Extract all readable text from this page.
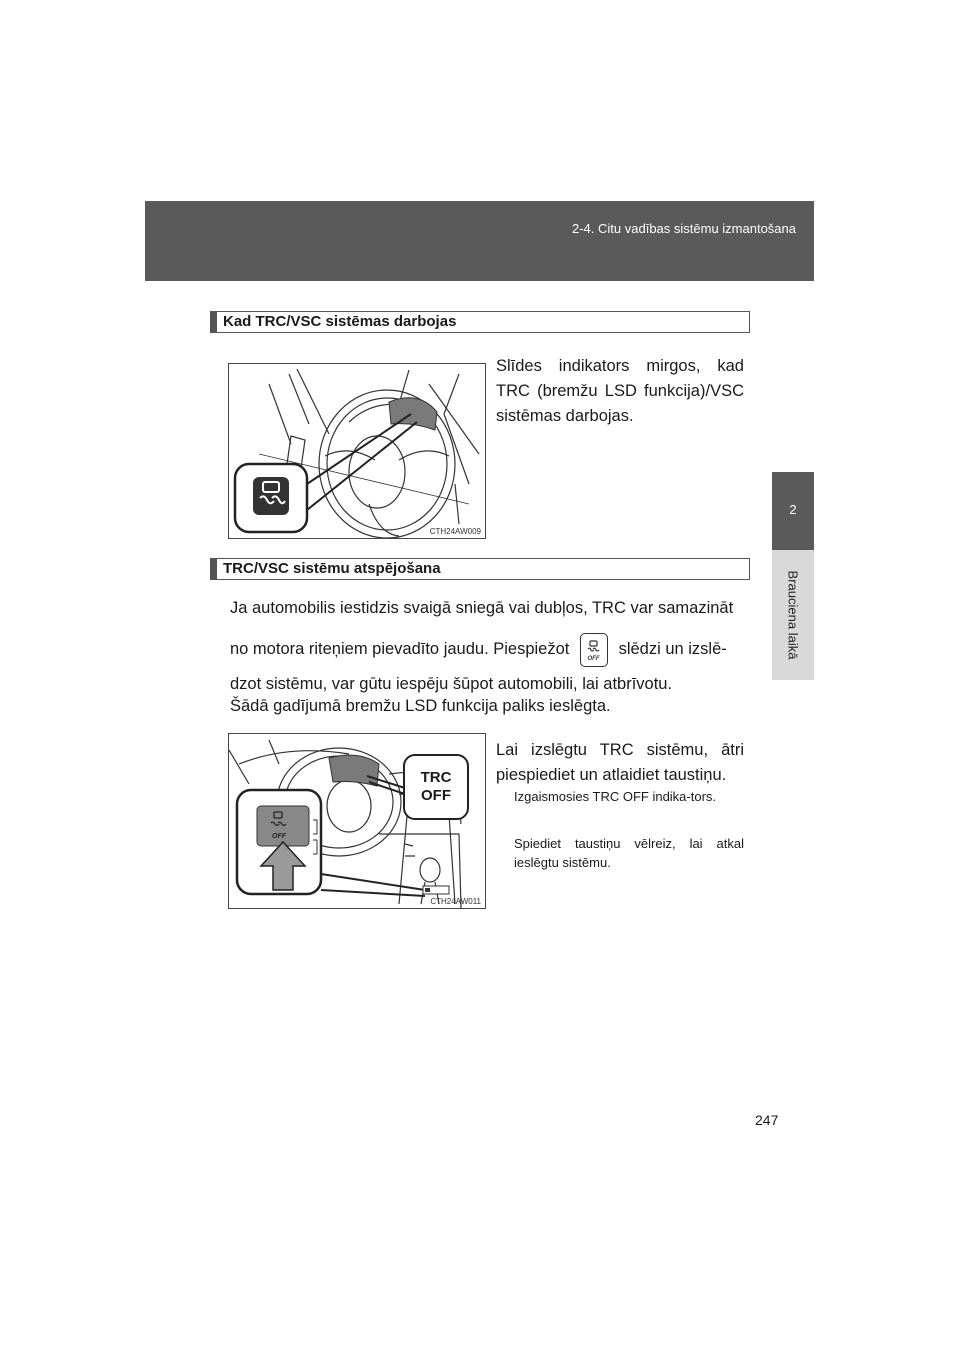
2-4. Citu vadības sistēmu izmantošana
2
Brauciena laikā
Kad TRC/VSC sistēmas darbojas
CTH24AW009
Slīdes indikators mirgos, kad TRC (bremžu LSD funkcija)/VSC sistēmas darbojas.
TRC/VSC sistēmu atspējošana
Ja automobilis iestidzis svaigā sniegā vai dubļos, TRC var samazināt
no motora riteņiem pievadīto jaudu. Piespiežot
OFF
slēdzi un izslē-
dzot sistēmu, var gūtu iespēju šūpot automobili, lai atbrīvotu.
Šādā gadījumā bremžu LSD funkcija paliks ieslēgta.
OFF
CTH24AW011
TRC
OFF
Lai izslēgtu TRC sistēmu, ātri piespiediet un atlaidiet taustiņu.
Izgaismosies TRC OFF indika-tors.
Spiediet taustiņu vēlreiz, lai atkal ieslēgtu sistēmu.
247
